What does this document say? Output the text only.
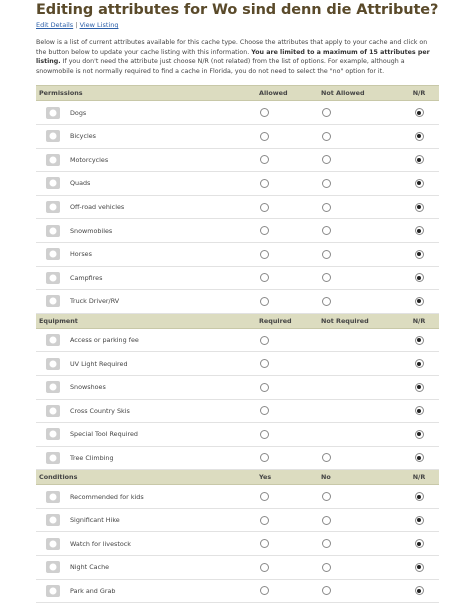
Editing attributes for Wo sind denn die Attribute?
Edit Details | View Listing
Below is a list of current attributes available for this cache type. Choose the attributes that apply to your cache and click on the button below to update your cache listing with this information. You are limited to a maximum of 15 attributes per listing. If you don't need the attribute just choose N/R (not related) from the list of options. For example, although a snowmobile is not normally required to find a cache in Florida, you do not need to select the "no" option for it.
Permissions		Allowed	Not Allowed	N/R

	Dogs			

	Bicycles			

	Motorcycles			

	Quads			

	Off-road vehicles			

	Snowmobiles			

	Horses			

	Campfires			

	Truck Driver/RV			
Equipment		Required	Not Required	N/R

	Access or parking fee			

	UV Light Required			

	Snowshoes			

	Cross Country Skis			

	Special Tool Required			

	Tree Climbing			
Conditions		Yes	No	N/R

	Recommended for kids			

	Significant Hike			

	Watch for livestock			

	Night Cache			

	Park and Grab			
